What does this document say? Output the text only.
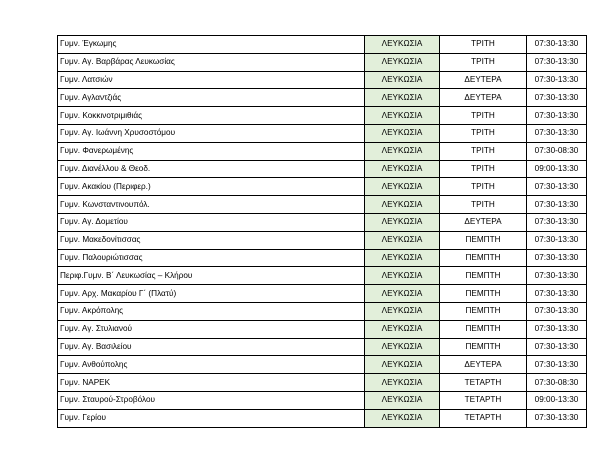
Γυμν. Έγκωμης	ΛΕΥΚΩΣΙΑ	ΤΡΙΤΗ	07:30-13:30
Γυμν. Αγ. Βαρβάρας Λευκωσίας	ΛΕΥΚΩΣΙΑ	ΤΡΙΤΗ	07:30-13:30
Γυμν. Λατσιών	ΛΕΥΚΩΣΙΑ	ΔΕΥΤΕΡΑ	07:30-13:30
Γυμν. Αγλαντζιάς	ΛΕΥΚΩΣΙΑ	ΔΕΥΤΕΡΑ	07:30-13:30
Γυμν. Κοκκινοτριμιθιάς	ΛΕΥΚΩΣΙΑ	ΤΡΙΤΗ	07:30-13:30
Γυμν. Αγ. Ιωάννη Χρυσοστόμου	ΛΕΥΚΩΣΙΑ	ΤΡΙΤΗ	07:30-13:30
Γυμν. Φανερωμένης	ΛΕΥΚΩΣΙΑ	ΤΡΙΤΗ	07:30-08:30
Γυμν. Διανέλλου & Θεοδ.	ΛΕΥΚΩΣΙΑ	ΤΡΙΤΗ	09:00-13:30
Γυμν. Ακακίου (Περιφερ.)	ΛΕΥΚΩΣΙΑ	ΤΡΙΤΗ	07:30-13:30
Γυμν. Κωνσταντινουπόλ.	ΛΕΥΚΩΣΙΑ	ΤΡΙΤΗ	07:30-13:30
Γυμν. Αγ. Δομετίου	ΛΕΥΚΩΣΙΑ	ΔΕΥΤΕΡΑ	07:30-13:30
Γυμν. Μακεδονίτισσας	ΛΕΥΚΩΣΙΑ	ΠΕΜΠΤΗ	07:30-13:30
Γυμν. Παλουριώτισσας	ΛΕΥΚΩΣΙΑ	ΠΕΜΠΤΗ	07:30-13:30
Περιφ.Γυμν. Β΄ Λευκωσίας – Κλήρου	ΛΕΥΚΩΣΙΑ	ΠΕΜΠΤΗ	07:30-13:30
Γυμν. Αρχ. Μακαρίου Γ΄ (Πλατύ)	ΛΕΥΚΩΣΙΑ	ΠΕΜΠΤΗ	07:30-13:30
Γυμν. Ακρόπολης	ΛΕΥΚΩΣΙΑ	ΠΕΜΠΤΗ	07:30-13:30
Γυμν. Αγ. Στυλιανού	ΛΕΥΚΩΣΙΑ	ΠΕΜΠΤΗ	07:30-13:30
Γυμν. Αγ. Βασιλείου	ΛΕΥΚΩΣΙΑ	ΠΕΜΠΤΗ	07:30-13:30
Γυμν. Ανθούπολης	ΛΕΥΚΩΣΙΑ	ΔΕΥΤΕΡΑ	07:30-13:30
Γυμν. ΝΑΡΕΚ	ΛΕΥΚΩΣΙΑ	ΤΕΤΑΡΤΗ	07:30-08:30
Γυμν. Σταυρού-Στροβόλου	ΛΕΥΚΩΣΙΑ	ΤΕΤΑΡΤΗ	09:00-13:30
Γυμν. Γερίου	ΛΕΥΚΩΣΙΑ	ΤΕΤΑΡΤΗ	07:30-13:30
